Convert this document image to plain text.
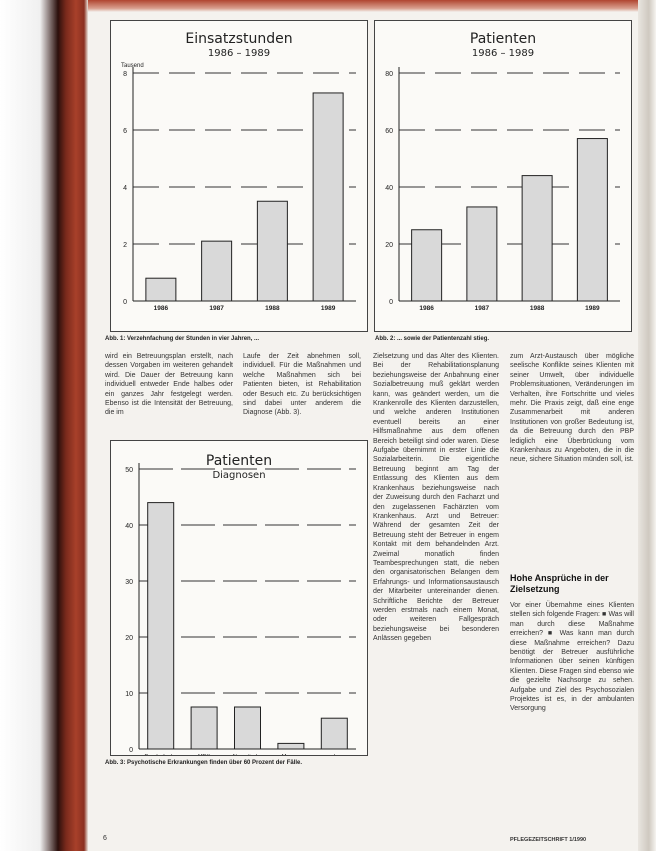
Einsatzstunden
1986 – 1989
0
2
4
6
8
Tausend
1986	1987	1988	1989
Abb. 1: Verzehnfachung der Stunden in vier Jahren, ...
Patienten
1986 – 1989
0
20
40
60
80
1986	1987	1988	1989
Abb. 2: ... sowie der Patientenzahl stieg.

wird ein Betreuungsplan erstellt, nach dessen Vorgaben im weiteren gehandelt wird. Die Dauer der Betreuung kann individuell entweder Ende halbes oder ein ganzes Jahr festgelegt werden. Ebenso ist die Intensität der Betreuung, die im

Laufe der Zeit abnehmen soll, individuell. Für die Maßnahmen und welche Maßnahmen sich bei Patienten bieten, ist Rehabilitation oder Besuch etc. Zu berücksichtigen sind dabei unter anderem die Diagnose (Abb. 3).

Patienten
Diagnosen
0
10
20
30
40
50
Abb. 3: Psychotische Erkrankungen finden über 60 Prozent der Fälle.

Zielsetzung und das Alter des Klienten. Bei der Rehabilitationsplanung beziehungsweise der Anbahnung einer Sozialbetreuung muß geklärt werden kann, was geändert werden, um die Krankenrolle des Klienten darzustellen, und welche anderen Institutionen eventuell bereits an einer Hilfsmaßnahme aus dem offenen Bereich beteiligt sind oder waren. Diese Aufgabe übernimmt in erster Linie die Sozialarbeiterin. Die eigentliche Betreuung beginnt am Tag der Entlassung des Klienten aus dem Krankenhaus beziehungsweise nach der Zuweisung durch den Facharzt und den zugelassenen Fachärzten vom Krankenhaus. Arzt und Betreuer: Während der gesamten Zeit der Betreuung steht der Betreuer in engem Kontakt mit dem behandelnden Arzt. Zweimal monatlich finden Teambesprechungen statt, die neben den organisatorischen Belangen dem Erfahrungs- und Informationsaustausch der Mitarbeiter untereinander dienen. Schriftliche Berichte der Betreuer werden erstmals nach einem Monat, oder weiteren Fallgespräch beziehungsweise bei besonderen Anlässen gegeben

zum Arzt-Austausch über mögliche seelische Konflikte seines Klienten mit seiner Umwelt, über individuelle Problemsituationen, Veränderungen im Verhalten, ihre Fortschritte und vieles mehr. Die Praxis zeigt, daß eine enge Zusammenarbeit mit anderen Institutionen von großer Bedeutung ist, da die Betreuung durch den PBP lediglich eine Überbrückung vom Krankenhaus zu Angeboten, die in die neue, sichere Situation münden soll, ist.

Hohe Ansprüche in der Zielsetzung

Vor einer Übernahme eines Klienten stellen sich folgende Fragen: ■ Was will man durch diese Maßnahme erreichen? ■ Was kann man durch diese Maßnahme erreichen? Dazu benötigt der Betreuer ausführliche Informationen über seinen künftigen Klienten. Diese Fragen sind ebenso wie die gezielte Nachsorge zu sehen. Aufgabe und Ziel des Psychosozialen Projektes ist es, in der ambulanten Versorgung

6	PFLEGEZEITSCHRIFT 1/1990
